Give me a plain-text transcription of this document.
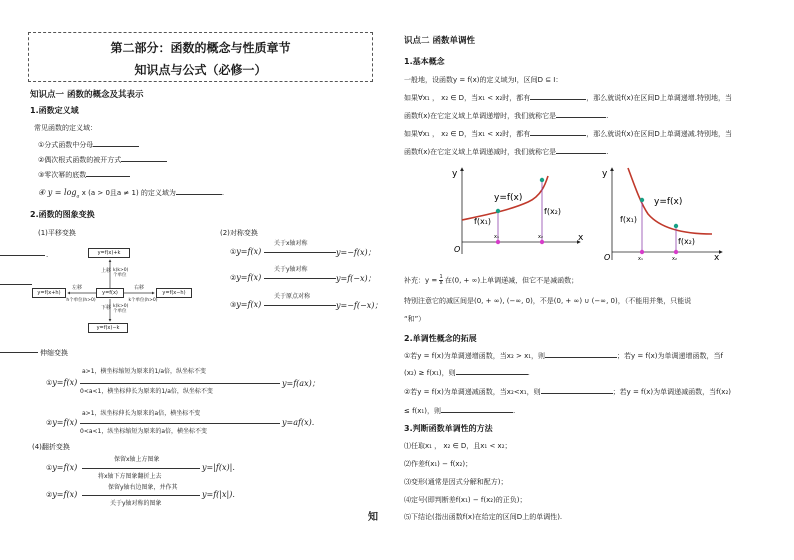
第二部分：函数的概念与性质章节
知识点与公式（必修一）
知识点一 函数的概念及其表示
1.函数定义域
常见函数的定义域：
①分式函数中分母
②偶次根式函数的被开方式
③零次幂的底数
④ $y = \log_a x$ (a > 0且a ≠ 1) 的定义域为	.
2.函数的图象变换
(1)平移变换	(2)对称变换
.	y=f(x)+k
y=f(x+h)	y=f(x)	y=f(x−h)
y=f(x)−k
上移 k(k>0)个单位
左移
h个单位(h>0)
右移
k个单位(h>0)
下移 k(k>0)个单位
①y=f(x)
关于x轴对称
y=−f(x)；
②y=f(x)
关于y轴对称
y=f(−x)；
③y=f(x)
关于原点对称
y=−f(−x)；
伸缩变换
①y=f(x)
a>1，横坐标缩短为原来的1/a倍，纵坐标不变
0<a<1，横坐标伸长为原来的1/a倍，纵坐标不变
y=f(ax)；
②y=f(x)
a>1，纵坐标伸长为原来的a倍，横坐标不变
0<a<1，纵坐标缩短为原来的a倍，横坐标不变
y=af(x).
(4)翻折变换
①y=f(x)
保留x轴上方图象
将x轴下方图象翻折上去
y=|f(x)|.
②y=f(x)
保留y轴右边图象，并作其
关于y轴对称的图象
y=f(|x|).
知
识点二 函数单调性
1.基本概念
一般地，设函数y = f(x)的定义域为I，区间D ⊆ I：
如果∀x₁ ， x₂ ∈ D，当x₁ < x₂时，都有	，那么就说f(x)在区间D上单调递增.特别地，当
函数f(x)在它定义域上单调递增时，我们就称它是	.
如果∀x₁ ， x₂ ∈ D，当x₁ < x₂时，都有	，那么就说f(x)在区间D上单调递减.特别地，当
函数f(x)在它定义域上单调递减时，我们就称它是	.
y
x
O
y=f(x)
f(x₁)
f(x₂)
x₁	x₂
y
x
O
y=f(x)
f(x₁)
f(x₂)
x₁	x₂
补充：$y = \frac{1}{x}$ 在(0, + ∞)上单调递减，但它不是减函数；
特别注意它的减区间是(0, + ∞), (−∞, 0)，不是(0, + ∞) ∪ (−∞, 0)，（不能用并集，只能说
“和”）
2.单调性概念的拓展
①若y = f(x)为单调递增函数，当x₂ > x₁，则	；若y = f(x)为单调递增函数，当f
(x₂) ≥ f(x₁)，则	.
②若y = f(x)为单调递减函数，当x₂<x₁，则	；若y = f(x)为单调递减函数，当f(x₂)
≤ f(x₁)，则	.
3.判断函数单调性的方法
⑴任取x₁ ， x₂ ∈ D，且x₁ < x₂；
⑵作差f(x₁) − f(x₂)；
⑶变形(通常是因式分解和配方)；
⑷定号(即判断差f(x₁) − f(x₂)的正负)；
⑸下结论(指出函数f(x)在给定的区间D上的单调性).
